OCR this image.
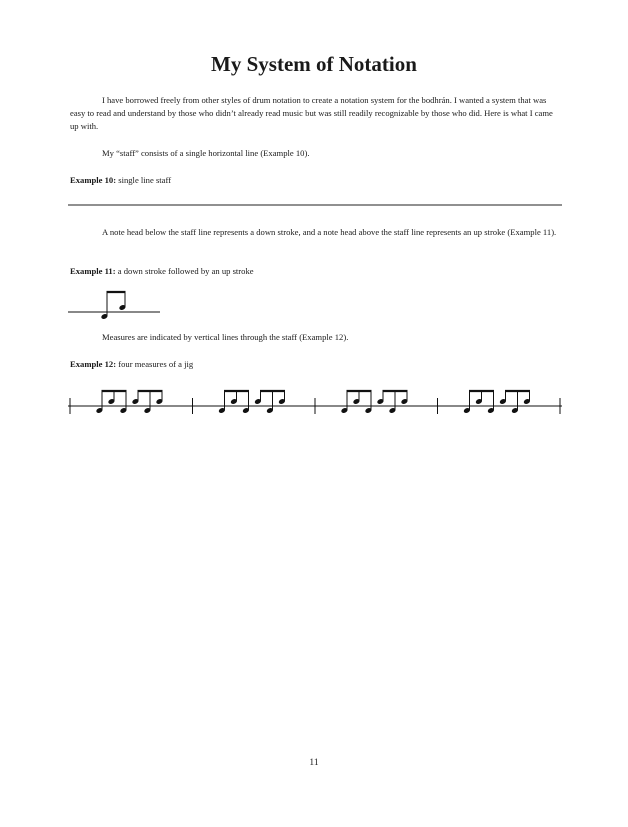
My System of Notation

I have borrowed freely from other styles of drum notation to create a notation system for the bodhrán. I wanted a system that was easy to read and understand by those who didn’t already read music but was still readily recognizable by those who did. Here is what I came up with.

My “staff” consists of a single horizontal line (Example 10).

Example 10: single line staff

A note head below the staff line represents a down stroke, and a note head above the staff line represents an up stroke (Example 11).

Example 11: a down stroke followed by an up stroke

Measures are indicated by vertical lines through the staff (Example 12).

Example 12: four measures of a jig

11
